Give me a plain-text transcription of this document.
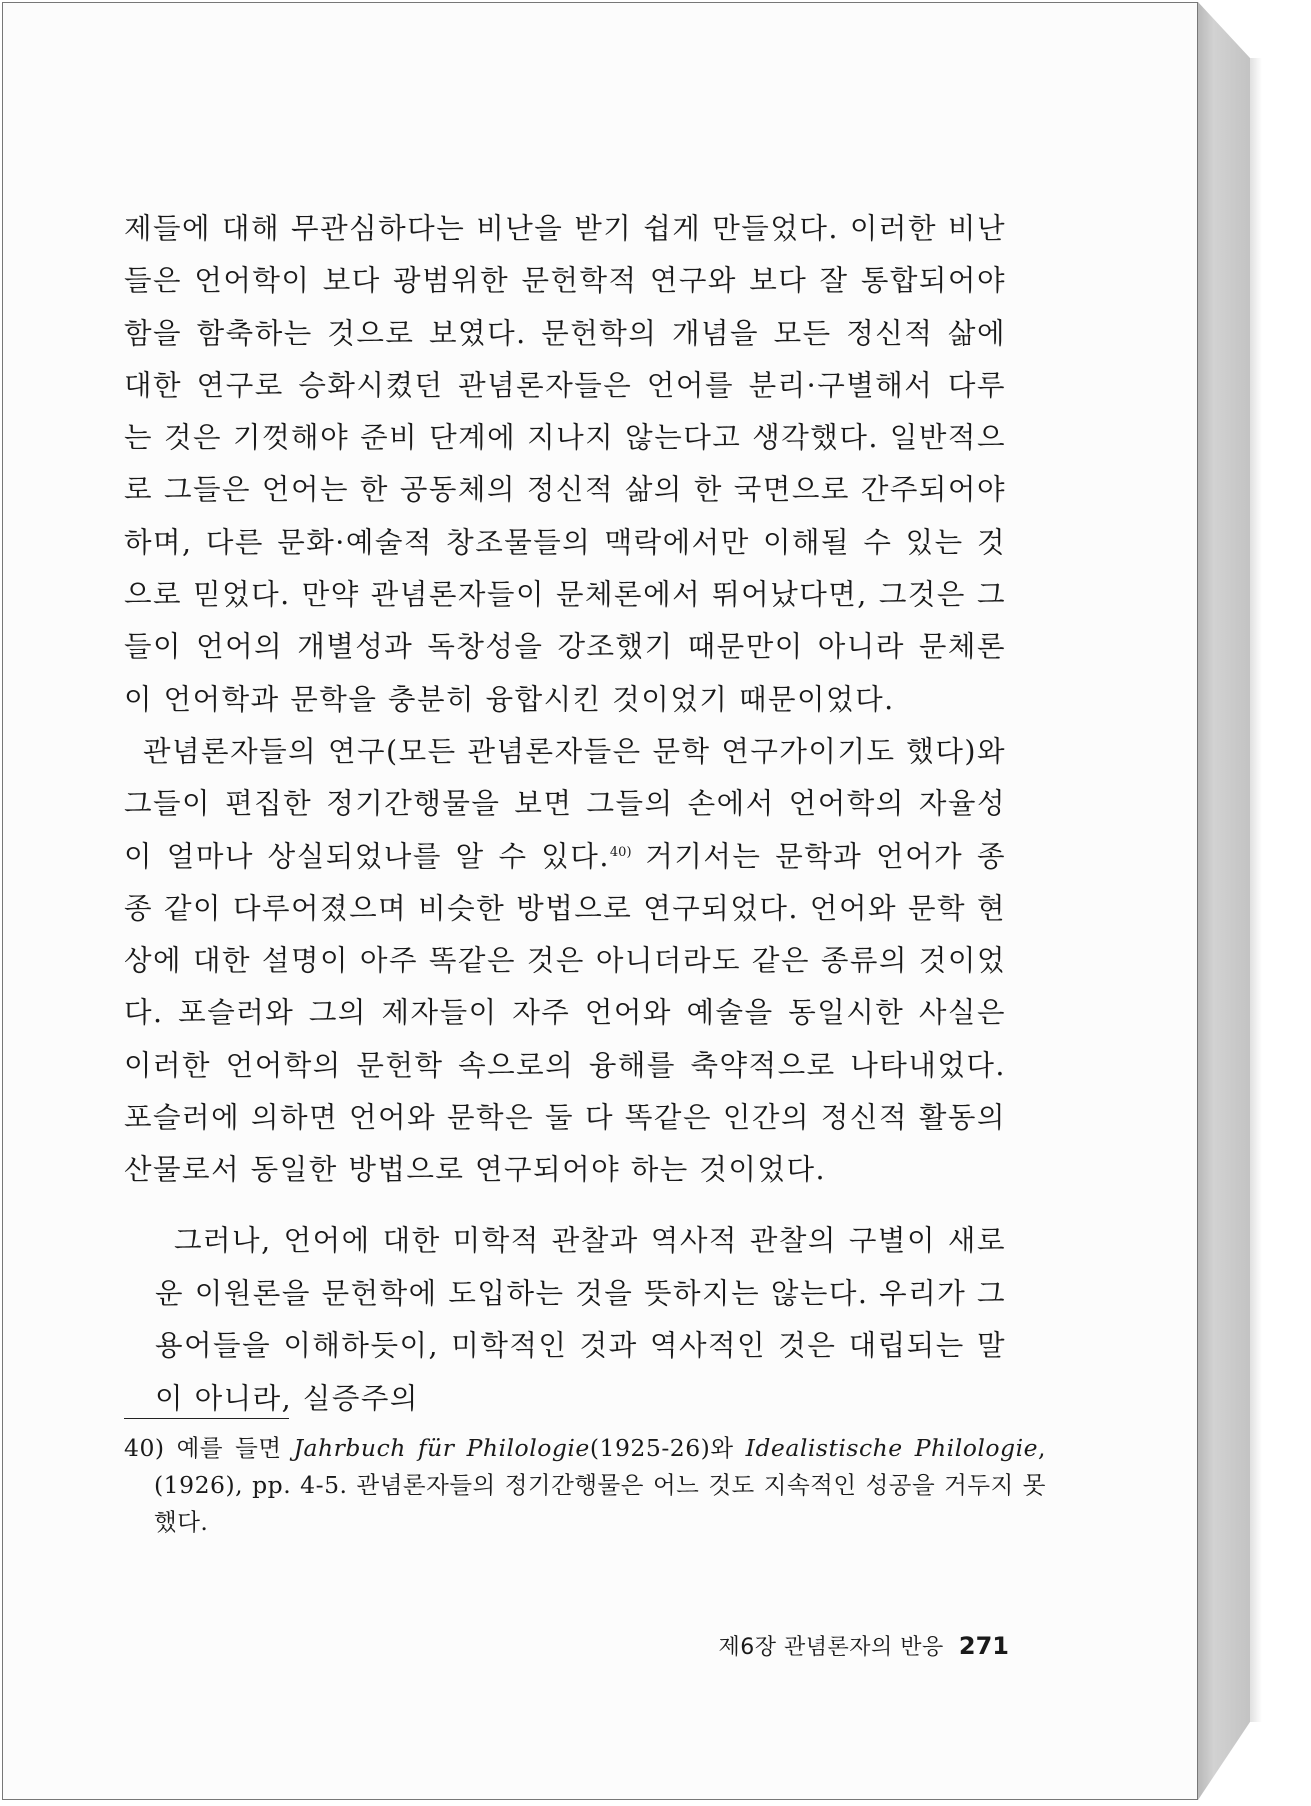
제들에 대해 무관심하다는 비난을 받기 쉽게 만들었다. 이러한 비난들은 언어학이 보다 광범위한 문헌학적 연구와 보다 잘 통합되어야 함을 함축하는 것으로 보였다. 문헌학의 개념을 모든 정신적 삶에 대한 연구로 승화시켰던 관념론자들은 언어를 분리·구별해서 다루는 것은 기껏해야 준비 단계에 지나지 않는다고 생각했다. 일반적으로 그들은 언어는 한 공동체의 정신적 삶의 한 국면으로 간주되어야 하며, 다른 문화·예술적 창조물들의 맥락에서만 이해될 수 있는 것으로 믿었다. 만약 관념론자들이 문체론에서 뛰어났다면, 그것은 그들이 언어의 개별성과 독창성을 강조했기 때문만이 아니라 문체론이 언어학과 문학을 충분히 융합시킨 것이었기 때문이었다.

관념론자들의 연구(모든 관념론자들은 문학 연구가이기도 했다)와 그들이 편집한 정기간행물을 보면 그들의 손에서 언어학의 자율성이 얼마나 상실되었나를 알 수 있다.$^{40)}$ 거기서는 문학과 언어가 종종 같이 다루어졌으며 비슷한 방법으로 연구되었다. 언어와 문학 현상에 대한 설명이 아주 똑같은 것은 아니더라도 같은 종류의 것이었다. 포슬러와 그의 제자들이 자주 언어와 예술을 동일시한 사실은 이러한 언어학의 문헌학 속으로의 융해를 축약적으로 나타내었다. 포슬러에 의하면 언어와 문학은 둘 다 똑같은 인간의 정신적 활동의 산물로서 동일한 방법으로 연구되어야 하는 것이었다.

그러나, 언어에 대한 미학적 관찰과 역사적 관찰의 구별이 새로운 이원론을 문헌학에 도입하는 것을 뜻하지는 않는다. 우리가 그 용어들을 이해하듯이, 미학적인 것과 역사적인 것은 대립되는 말이 아니라, 실증주의

40) 예를 들면 Jahrbuch für Philologie(1925-26)와 Idealistische Philologie, (1926), pp. 4-5. 관념론자들의 정기간행물은 어느 것도 지속적인 성공을 거두지 못했다.

제6장 관념론자의 반응 271
